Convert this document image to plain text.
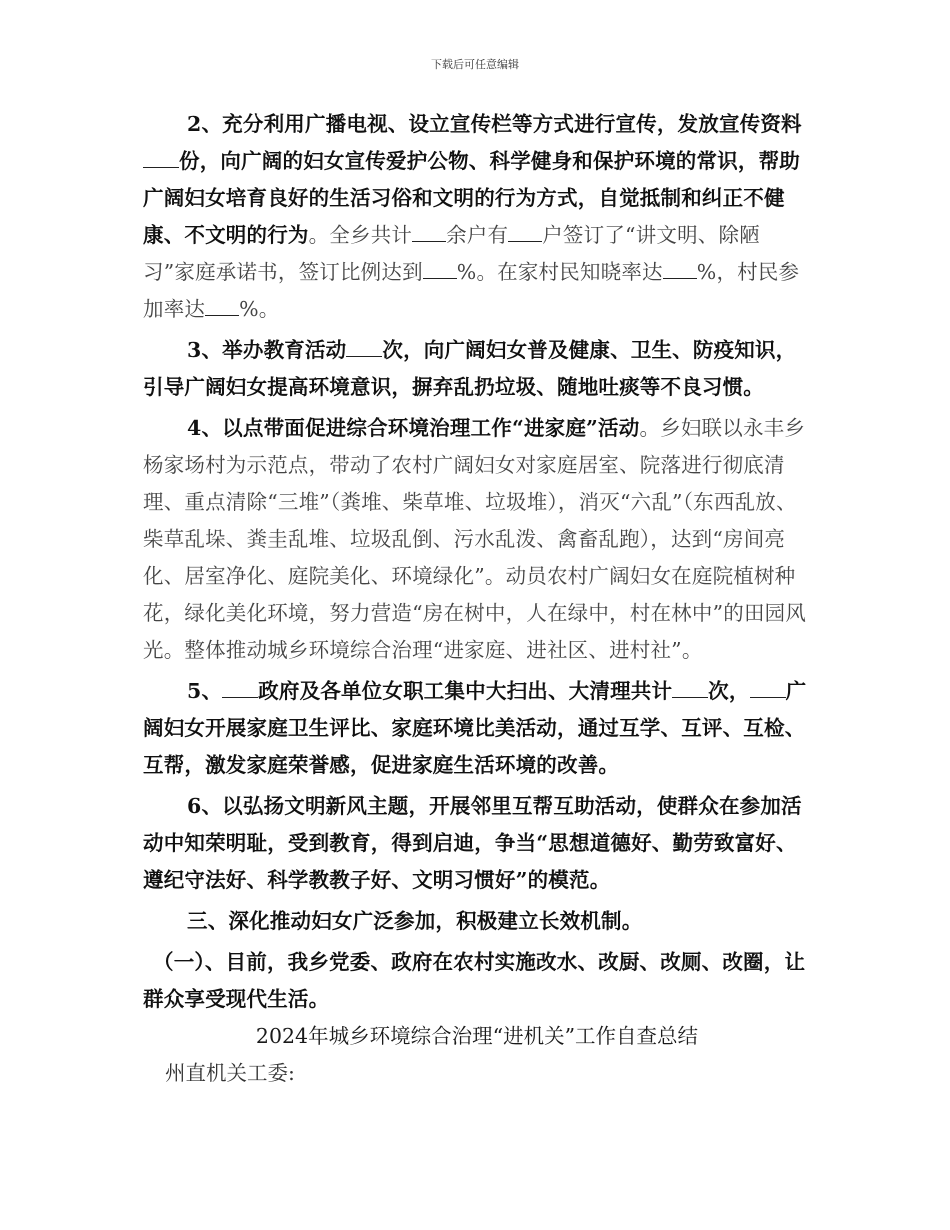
下载后可任意编辑

2、充分利用广播电视、设立宣传栏等方式进行宣传，发放宣传资料份，向广阔的妇女宣传爱护公物、科学健身和保护环境的常识，帮助广阔妇女培育良好的生活习俗和文明的行为方式，自觉抵制和纠正不健康、不文明的行为。全乡共计 余户有 户签订了“讲文明、除陋习”家庭承诺书，签订比例达到 %。在家村民知晓率达 %，村民参加率达 %。

3、举办教育活动 次，向广阔妇女普及健康、卫生、防疫知识，引导广阔妇女提高环境意识，摒弃乱扔垃圾、随地吐痰等不良习惯。

4、以点带面促进综合环境治理工作“进家庭”活动。乡妇联以永丰乡杨家场村为示范点，带动了农村广阔妇女对家庭居室、院落进行彻底清理、重点清除“三堆”（粪堆、柴草堆、垃圾堆），消灭“六乱”（东西乱放、柴草乱垛、粪圭乱堆、垃圾乱倒、污水乱泼、禽畜乱跑），达到“房间亮化、居室净化、庭院美化、环境绿化”。动员农村广阔妇女在庭院植树种花，绿化美化环境，努力营造“房在树中，人在绿中，村在林中”的田园风光。整体推动城乡环境综合治理“进家庭、进社区、进村社”。

5、 政府及各单位女职工集中大扫出、大清理共计 次， 广阔妇女开展家庭卫生评比、家庭环境比美活动，通过互学、互评、互检、互帮，激发家庭荣誉感，促进家庭生活环境的改善。

6、以弘扬文明新风主题，开展邻里互帮互助活动，使群众在参加活动中知荣明耻，受到教育，得到启迪，争当“思想道德好、勤劳致富好、遵纪守法好、科学教教子好、文明习惯好”的模范。

三、深化推动妇女广泛参加，积极建立长效机制。

（一）、目前，我乡党委、政府在农村实施改水、改厨、改厕、改圈，让群众享受现代生活。

2024年城乡环境综合治理“进机关”工作自查总结

州直机关工委:
